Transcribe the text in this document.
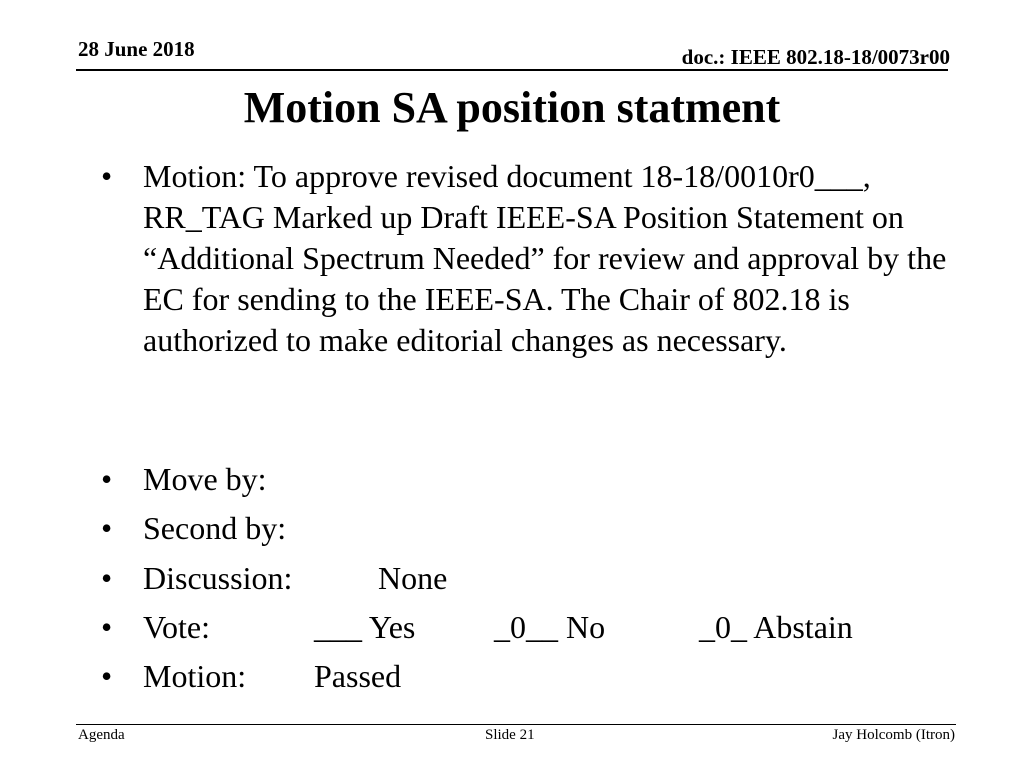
28 June 2018	doc.: IEEE 802.18-18/0073r00
Motion SA position statment
• Motion: To approve revised document 18-18/0010r0___, RR_TAG Marked up Draft IEEE-SA Position Statement on “Additional Spectrum Needed” for review and approval by the EC for sending to the IEEE-SA. The Chair of 802.18 is authorized to make editorial changes as necessary.
• Move by:
• Second by:
• Discussion:	None
• Vote:	___ Yes _0__ No	_0_ Abstain
• Motion: Passed
Agenda	Slide 21	Jay Holcomb (Itron)
